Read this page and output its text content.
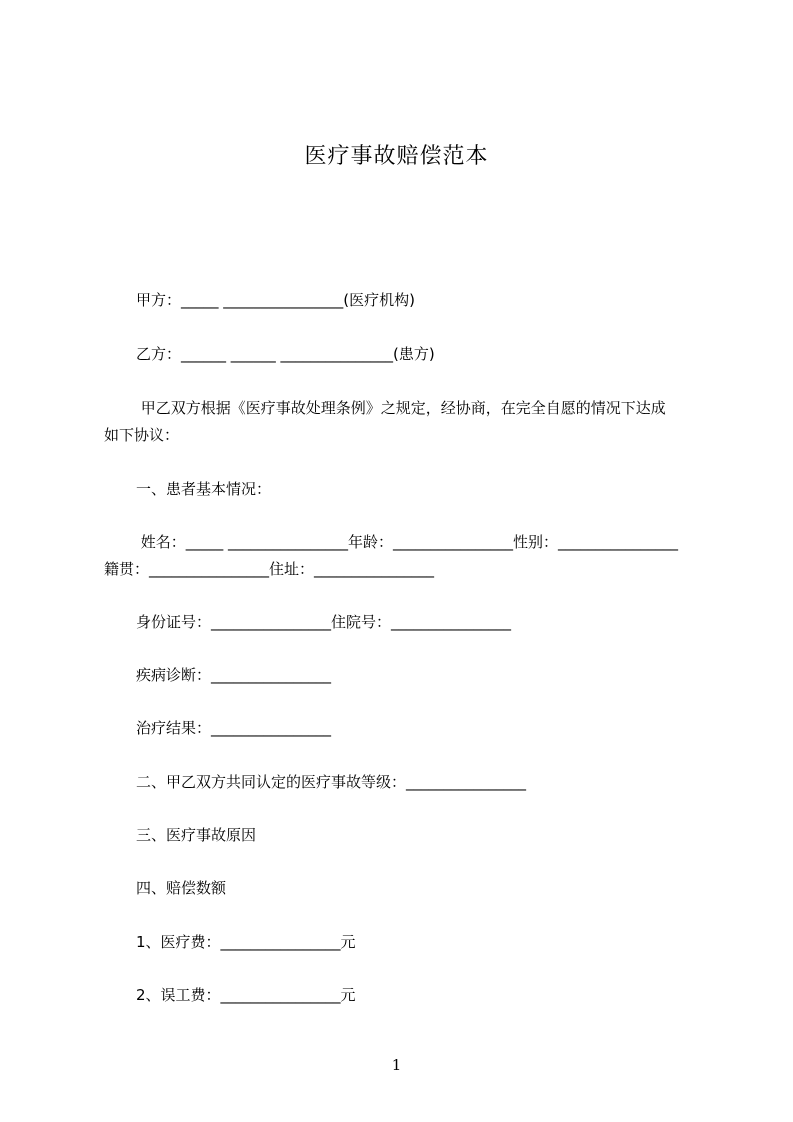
医疗事故赔偿范本
甲方：_____ ________________(医疗机构)
乙方：______ ______ _______________(患方)
甲乙双方根据《医疗事故处理条例》之规定，经协商，在完全自愿的情况下达成
如下协议：
一、患者基本情况：
姓名：_____ ________________年龄：________________性别：________________
籍贯：________________住址：________________
身份证号：________________住院号：________________
疾病诊断：________________
治疗结果：________________
二、甲乙双方共同认定的医疗事故等级：________________
三、医疗事故原因
四、赔偿数额
1、医疗费：________________元
2、误工费：________________元
1
